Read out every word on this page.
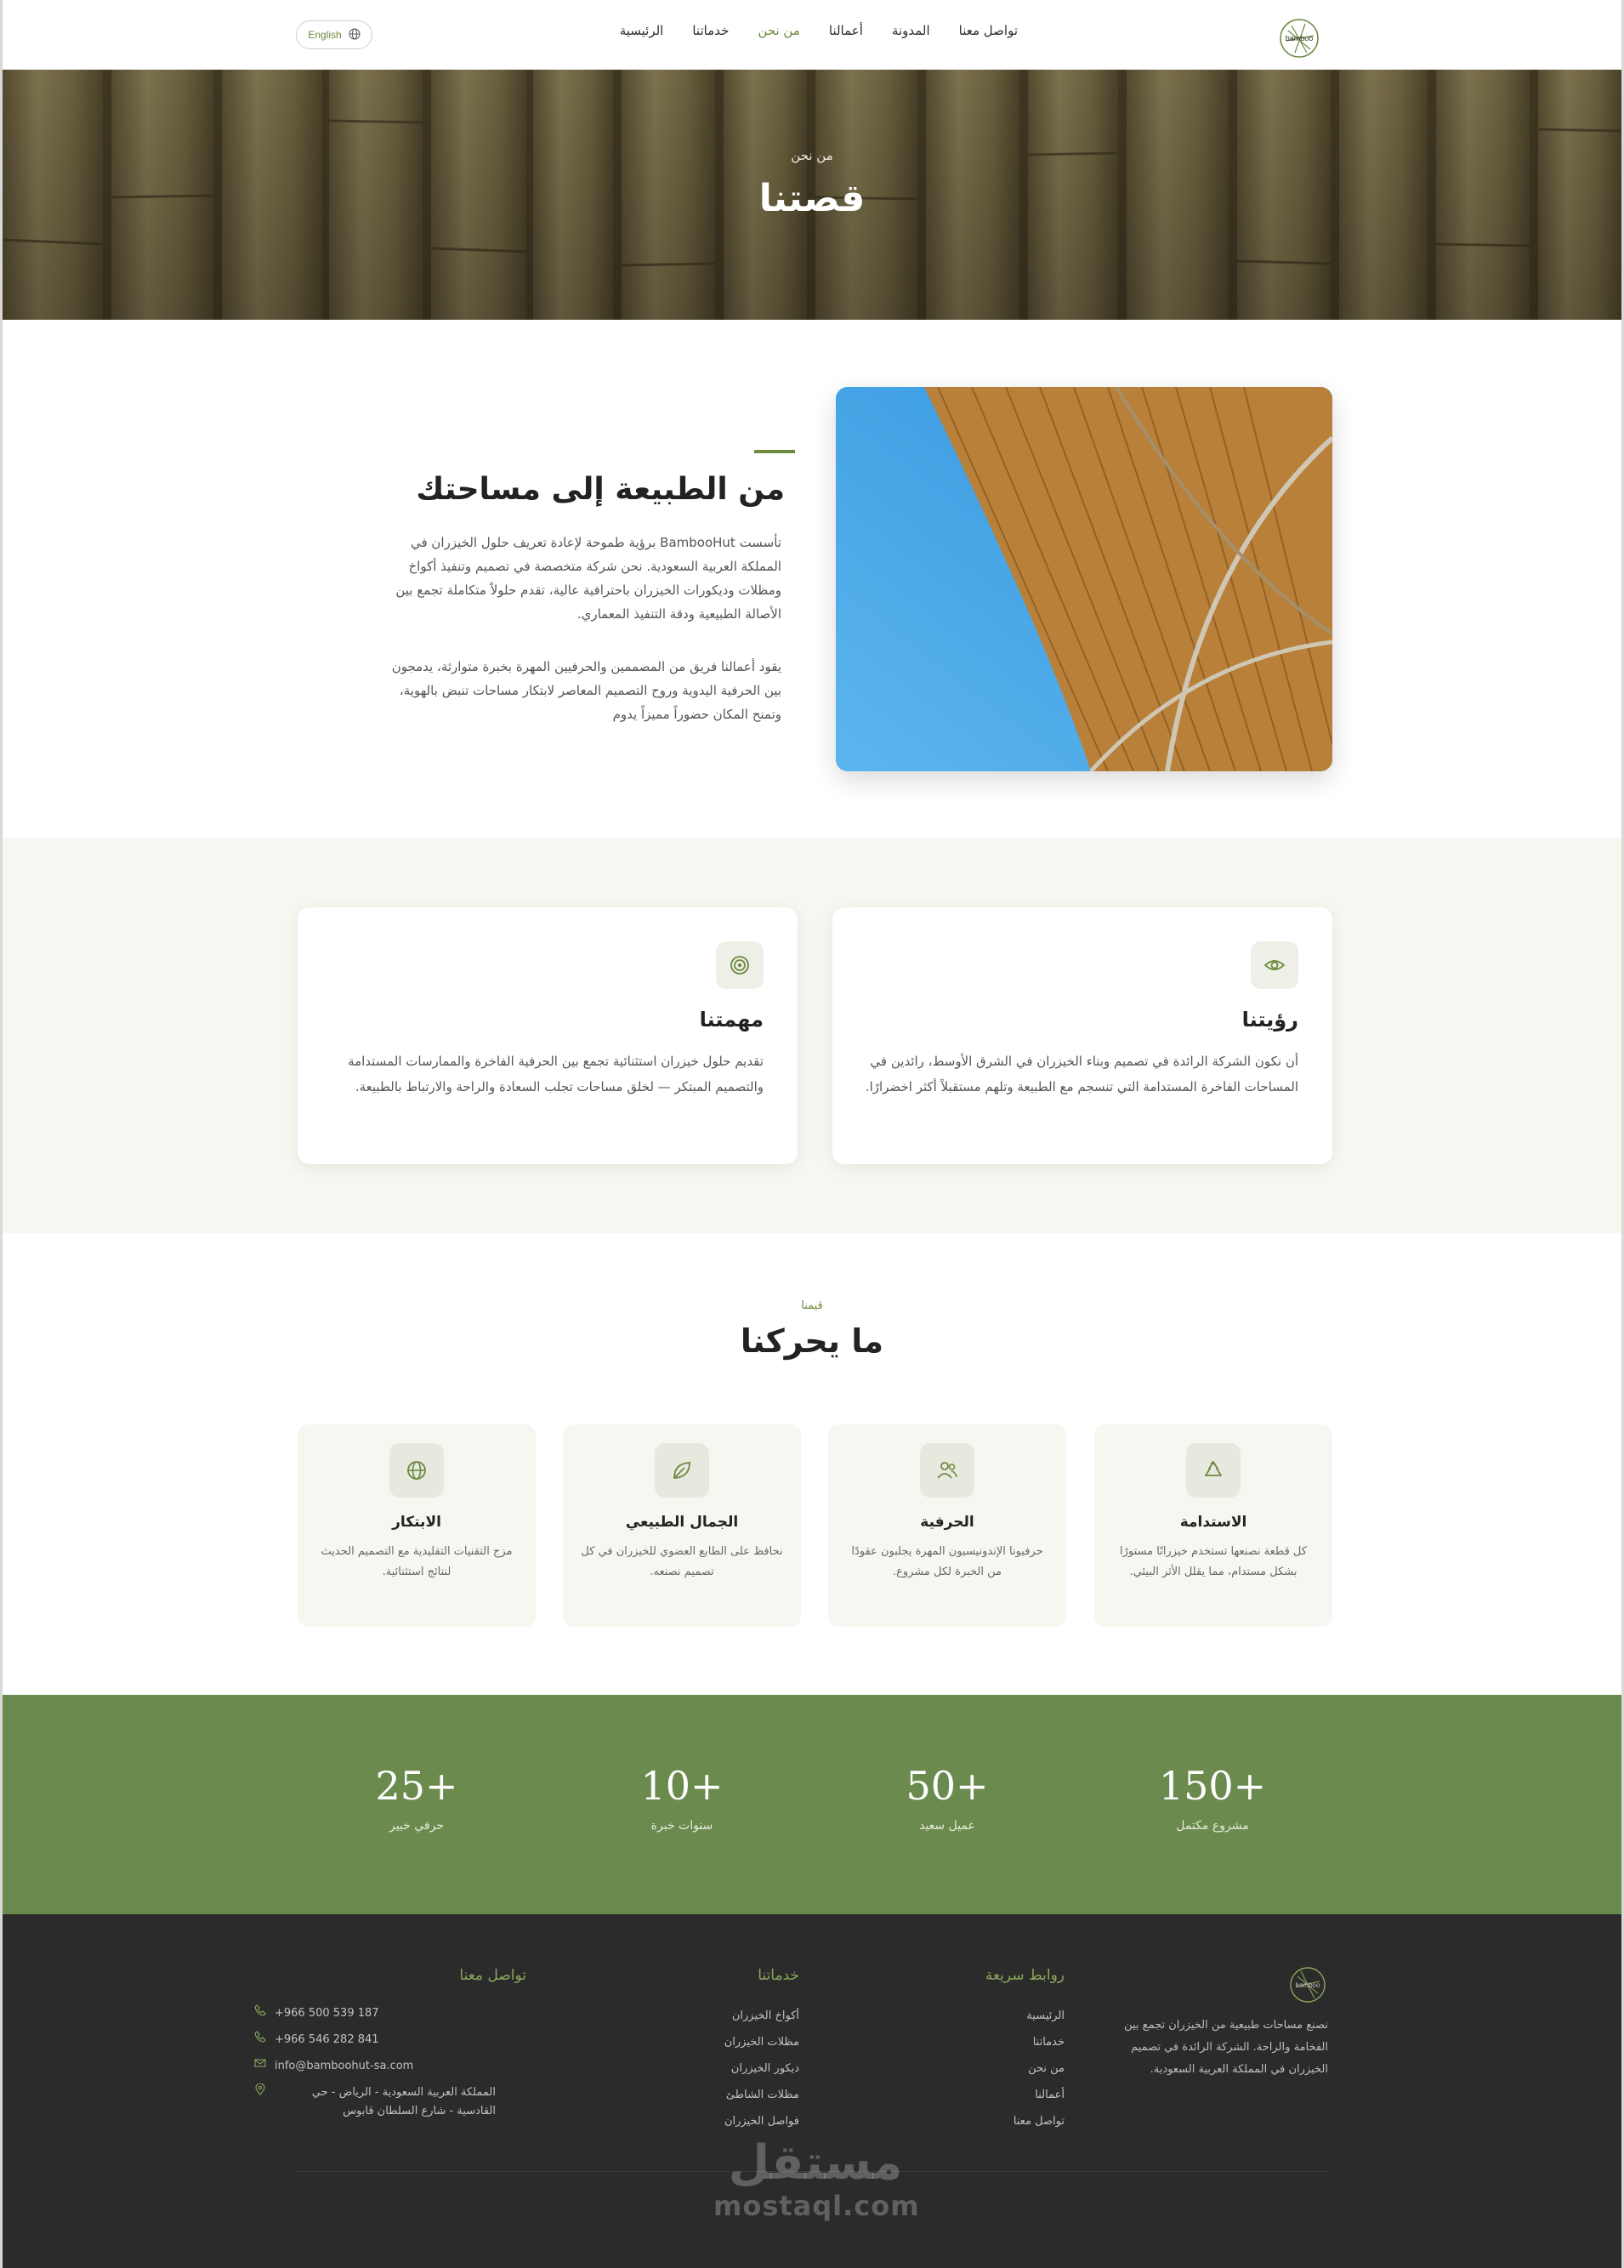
bamboo
الرئيسية خدماتنا من نحن أعمالنا المدونة تواصل معنا
English
من نحن
قصتنا
من الطبيعة إلى مساحتك
تأسست BambooHut برؤية طموحة لإعادة تعريف حلول الخيزران في المملكة العربية السعودية. نحن شركة متخصصة في تصميم وتنفيذ أكواخ ومظلات وديكورات الخيزران باحترافية عالية، تقدم حلولاً متكاملة تجمع بين الأصالة الطبيعية ودقة التنفيذ المعماري.
يقود أعمالنا فريق من المصممين والحرفيين المهرة بخبرة متوارثة، يدمجون بين الحرفية اليدوية وروح التصميم المعاصر لابتكار مساحات تنبض بالهوية، وتمنح المكان حضوراً مميزاً يدوم
رؤيتنا
أن نكون الشركة الرائدة في تصميم وبناء الخيزران في الشرق الأوسط، رائدين في المساحات الفاخرة المستدامة التي تنسجم مع الطبيعة وتلهم مستقبلاً أكثر اخضرارًا.
مهمتنا
تقديم حلول خيزران استثنائية تجمع بين الحرفية الفاخرة والممارسات المستدامة والتصميم المبتكر — لخلق مساحات تجلب السعادة والراحة والارتباط بالطبيعة.
قيمنا
ما يحركنا
الاستدامة
كل قطعة نصنعها تستخدم خيزرانًا مستورًا بشكل مستدام، مما يقلل الأثر البيئي.
الحرفية
حرفيونا الإندونيسيون المهرة يجلبون عقودًا من الخبرة لكل مشروع.
الجمال الطبيعي
نحافظ على الطابع العضوي للخيزران في كل تصميم نصنعه.
الابتكار
مزج التقنيات التقليدية مع التصميم الحديث لنتائج استثنائية.
150+
مشروع مكتمل
50+
عميل سعيد
10+
سنوات خبرة
25+
حرفي خبير
bamboo
نصنع مساحات طبيعية من الخيزران تجمع بين الفخامة والراحة. الشركة الرائدة في تصميم الخيزران في المملكة العربية السعودية.
روابط سريعة
الرئيسية
خدماتنا
من نحن
أعمالنا
تواصل معنا
خدماتنا
أكواخ الخيزران
مظلات الخيزران
ديكور الخيزران
مظلات الشاطئ
فواصل الخيزران
تواصل معنا
+966 500 539 187
+966 546 282 841
info@bamboohut-sa.com
المملكة العربية السعودية - الرياض - حي القادسية - شارع السلطان قابوس
مستقل
mostaql.com
